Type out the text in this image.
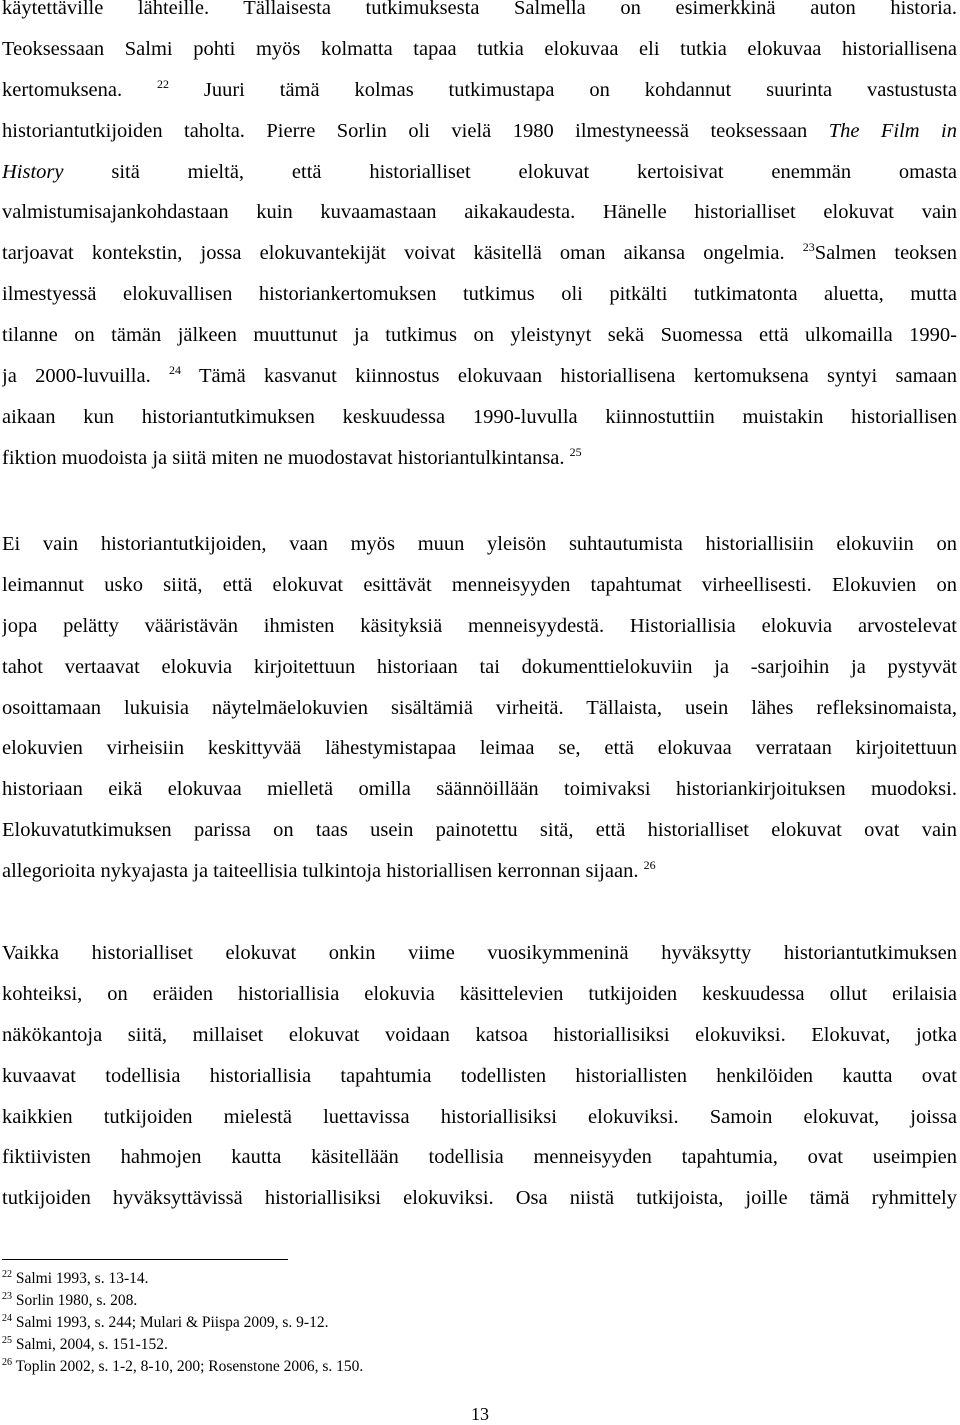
käytettäville lähteille. Tällaisesta tutkimuksesta Salmella on esimerkkinä auton historia.
Teoksessaan Salmi pohti myös kolmatta tapaa tutkia elokuvaa eli tutkia elokuvaa historiallisena
kertomuksena. $^{22}$ Juuri tämä kolmas tutkimustapa on kohdannut suurinta vastustusta
historiantutkijoiden taholta. Pierre Sorlin oli vielä 1980 ilmestyneessä teoksessaan The Film in
History sitä mieltä, että historialliset elokuvat kertoisivat enemmän omasta
valmistumisajankohdastaan kuin kuvaamastaan aikakaudesta. Hänelle historialliset elokuvat vain
tarjoavat kontekstin, jossa elokuvantekijät voivat käsitellä oman aikansa ongelmia. $^{23}$Salmen teoksen
ilmestyessä elokuvallisen historiankertomuksen tutkimus oli pitkälti tutkimatonta aluetta, mutta
tilanne on tämän jälkeen muuttunut ja tutkimus on yleistynyt sekä Suomessa että ulkomailla 1990-
ja 2000-luvuilla. $^{24}$ Tämä kasvanut kiinnostus elokuvaan historiallisena kertomuksena syntyi samaan
aikaan kun historiantutkimuksen keskuudessa 1990-luvulla kiinnostuttiin muistakin historiallisen
fiktion muodoista ja siitä miten ne muodostavat historiantulkintansa. $^{25}$
Ei vain historiantutkijoiden, vaan myös muun yleisön suhtautumista historiallisiin elokuviin on
leimannut usko siitä, että elokuvat esittävät menneisyyden tapahtumat virheellisesti. Elokuvien on
jopa pelätty vääristävän ihmisten käsityksiä menneisyydestä. Historiallisia elokuvia arvostelevat
tahot vertaavat elokuvia kirjoitettuun historiaan tai dokumenttielokuviin ja -sarjoihin ja pystyvät
osoittamaan lukuisia näytelmäelokuvien sisältämiä virheitä. Tällaista, usein lähes refleksinomaista,
elokuvien virheisiin keskittyvää lähestymistapaa leimaa se, että elokuvaa verrataan kirjoitettuun
historiaan eikä elokuvaa mielletä omilla säännöillään toimivaksi historiankirjoituksen muodoksi.
Elokuvatutkimuksen parissa on taas usein painotettu sitä, että historialliset elokuvat ovat vain
allegorioita nykyajasta ja taiteellisia tulkintoja historiallisen kerronnan sijaan. $^{26}$
Vaikka historialliset elokuvat onkin viime vuosikymmeninä hyväksytty historiantutkimuksen
kohteiksi, on eräiden historiallisia elokuvia käsittelevien tutkijoiden keskuudessa ollut erilaisia
näkökantoja siitä, millaiset elokuvat voidaan katsoa historiallisiksi elokuviksi. Elokuvat, jotka
kuvaavat todellisia historiallisia tapahtumia todellisten historiallisten henkilöiden kautta ovat
kaikkien tutkijoiden mielestä luettavissa historiallisiksi elokuviksi. Samoin elokuvat, joissa
fiktiivisten hahmojen kautta käsitellään todellisia menneisyyden tapahtumia, ovat useimpien
tutkijoiden hyväksyttävissä historiallisiksi elokuviksi. Osa niistä tutkijoista, joille tämä ryhmittely
$^{22}$ Salmi 1993, s. 13-14.
$^{23}$ Sorlin 1980, s. 208.
$^{24}$ Salmi 1993, s. 244; Mulari & Piispa 2009, s. 9-12.
$^{25}$ Salmi, 2004, s. 151-152.
$^{26}$ Toplin 2002, s. 1-2, 8-10, 200; Rosenstone 2006, s. 150.
13
